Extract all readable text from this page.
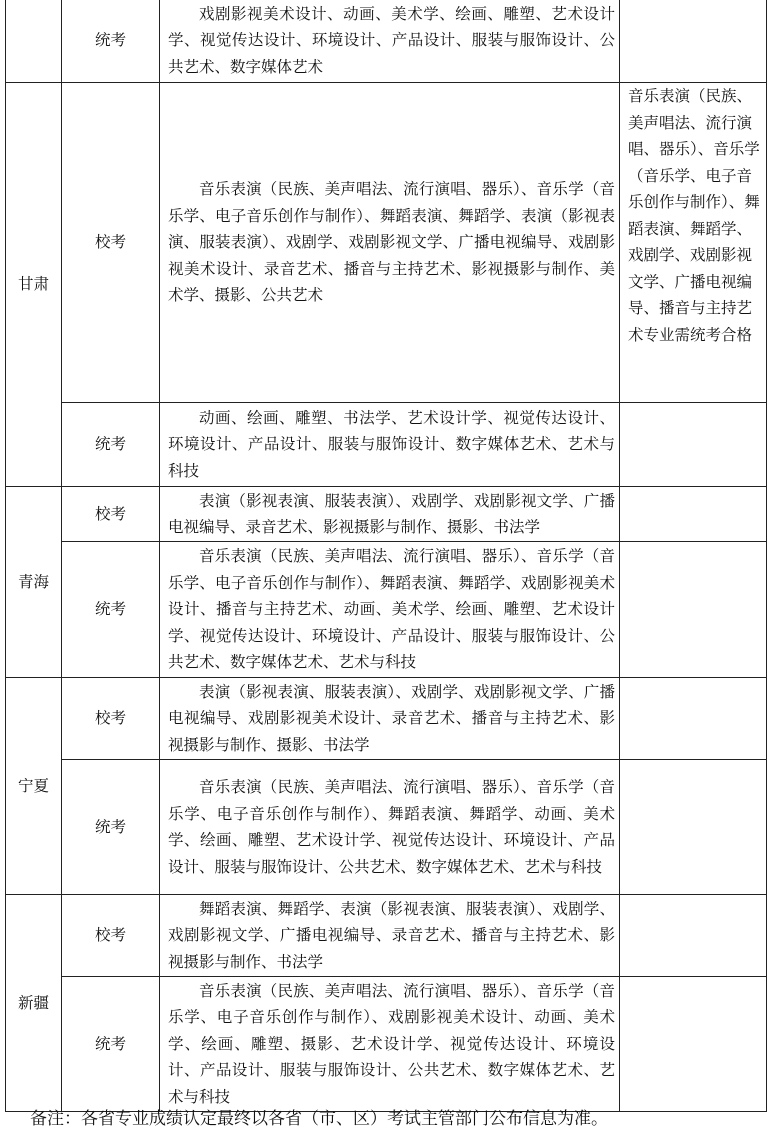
	统考	戏剧影视美术设计、动画、美术学、绘画、雕塑、艺术设计学、视觉传达设计、环境设计、产品设计、服装与服饰设计、公共艺术、数字媒体艺术	

甘肃	校考	音乐表演（民族、美声唱法、流行演唱、器乐）、音乐学（音乐学、电子音乐创作与制作）、舞蹈表演、舞蹈学、表演（影视表演、服装表演）、戏剧学、戏剧影视文学、广播电视编导、戏剧影视美术设计、录音艺术、播音与主持艺术、影视摄影与制作、美术学、摄影、公共艺术	音乐表演（民族、美声唱法、流行演唱、器乐）、音乐学（音乐学、电子音乐创作与制作）、舞蹈表演、舞蹈学、戏剧学、戏剧影视文学、广播电视编导、播音与主持艺术专业需统考合格
	统考	动画、绘画、雕塑、书法学、艺术设计学、视觉传达设计、环境设计、产品设计、服装与服饰设计、数字媒体艺术、艺术与科技	

青海	校考	表演（影视表演、服装表演）、戏剧学、戏剧影视文学、广播电视编导、录音艺术、影视摄影与制作、摄影、书法学	

	统考	音乐表演（民族、美声唱法、流行演唱、器乐）、音乐学（音乐学、电子音乐创作与制作）、舞蹈表演、舞蹈学、戏剧影视美术设计、播音与主持艺术、动画、美术学、绘画、雕塑、艺术设计学、视觉传达设计、环境设计、产品设计、服装与服饰设计、公共艺术、数字媒体艺术、艺术与科技	

宁夏	校考	表演（影视表演、服装表演）、戏剧学、戏剧影视文学、广播电视编导、戏剧影视美术设计、录音艺术、播音与主持艺术、影视摄影与制作、摄影、书法学	

	统考	音乐表演（民族、美声唱法、流行演唱、器乐）、音乐学（音乐学、电子音乐创作与制作）、舞蹈表演、舞蹈学、动画、美术学、绘画、雕塑、艺术设计学、视觉传达设计、环境设计、产品设计、服装与服饰设计、公共艺术、数字媒体艺术、艺术与科技	

新疆	校考	舞蹈表演、舞蹈学、表演（影视表演、服装表演）、戏剧学、戏剧影视文学、广播电视编导、录音艺术、播音与主持艺术、影视摄影与制作、书法学	

	统考	音乐表演（民族、美声唱法、流行演唱、器乐）、音乐学（音乐学、电子音乐创作与制作）、戏剧影视美术设计、动画、美术学、绘画、雕塑、摄影、艺术设计学、视觉传达设计、环境设计、产品设计、服装与服饰设计、公共艺术、数字媒体艺术、艺术与科技	

备注：各省专业成绩认定最终以各省（市、区）考试主管部门公布信息为准。
